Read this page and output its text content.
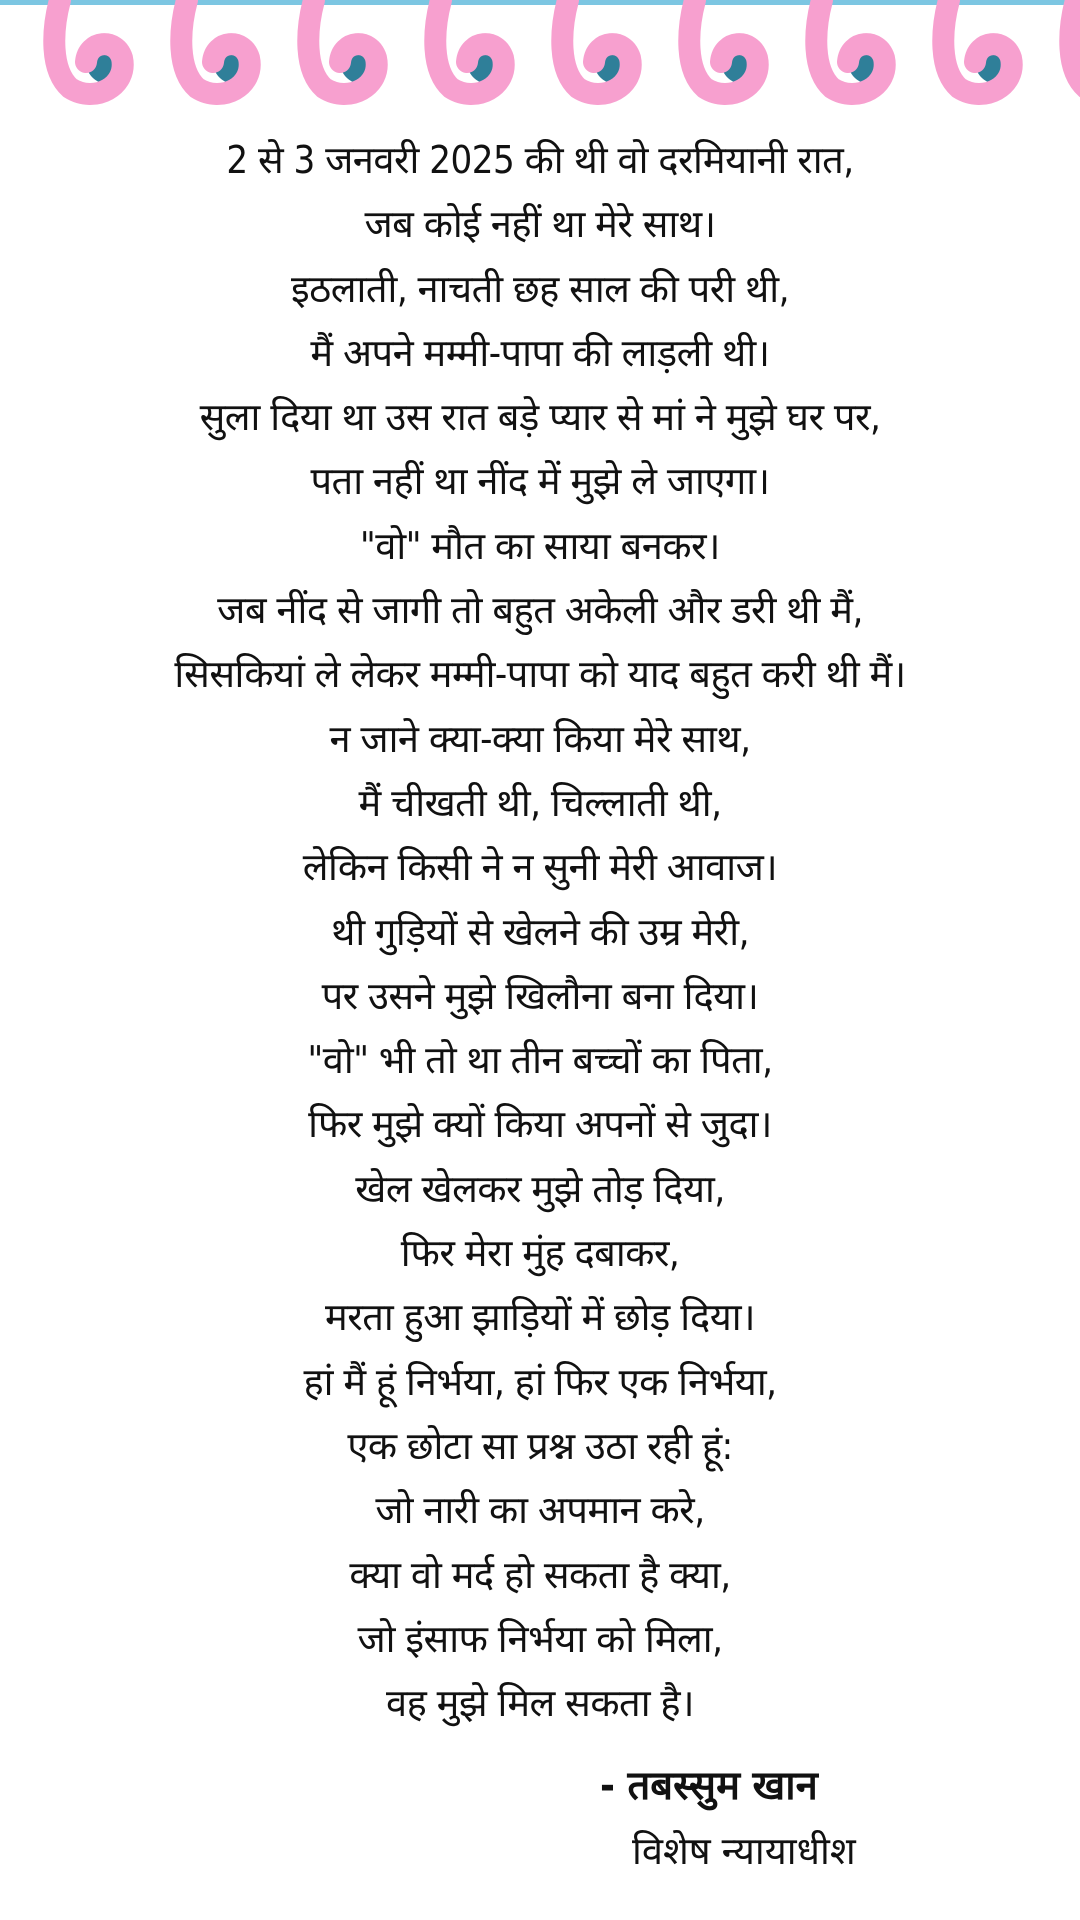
2 से 3 जनवरी 2025 की थी वो दरमियानी रात,
जब कोई नहीं था मेरे साथ।
इठलाती, नाचती छह साल की परी थी,
मैं अपने मम्मी-पापा की लाड़ली थी।
सुला दिया था उस रात बड़े प्यार से मां ने मुझे घर पर,
पता नहीं था नींद में मुझे ले जाएगा।
"वो" मौत का साया बनकर।
जब नींद से जागी तो बहुत अकेली और डरी थी मैं,
सिसकियां ले लेकर मम्मी-पापा को याद बहुत करी थी मैं।
न जाने क्या-क्या किया मेरे साथ,
मैं चीखती थी, चिल्लाती थी,
लेकिन किसी ने न सुनी मेरी आवाज।
थी गुड़ियों से खेलने की उम्र मेरी,
पर उसने मुझे खिलौना बना दिया।
"वो" भी तो था तीन बच्चों का पिता,
फिर मुझे क्यों किया अपनों से जुदा।
खेल खेलकर मुझे तोड़ दिया,
फिर मेरा मुंह दबाकर,
मरता हुआ झाड़ियों में छोड़ दिया।
हां मैं हूं निर्भया, हां फिर एक निर्भया,
एक छोटा सा प्रश्न उठा रही हूं:
जो नारी का अपमान करे,
क्या वो मर्द हो सकता है क्या,
जो इंसाफ निर्भया को मिला,
वह मुझे मिल सकता है।
- तबस्सुम खान
विशेष न्यायाधीश
